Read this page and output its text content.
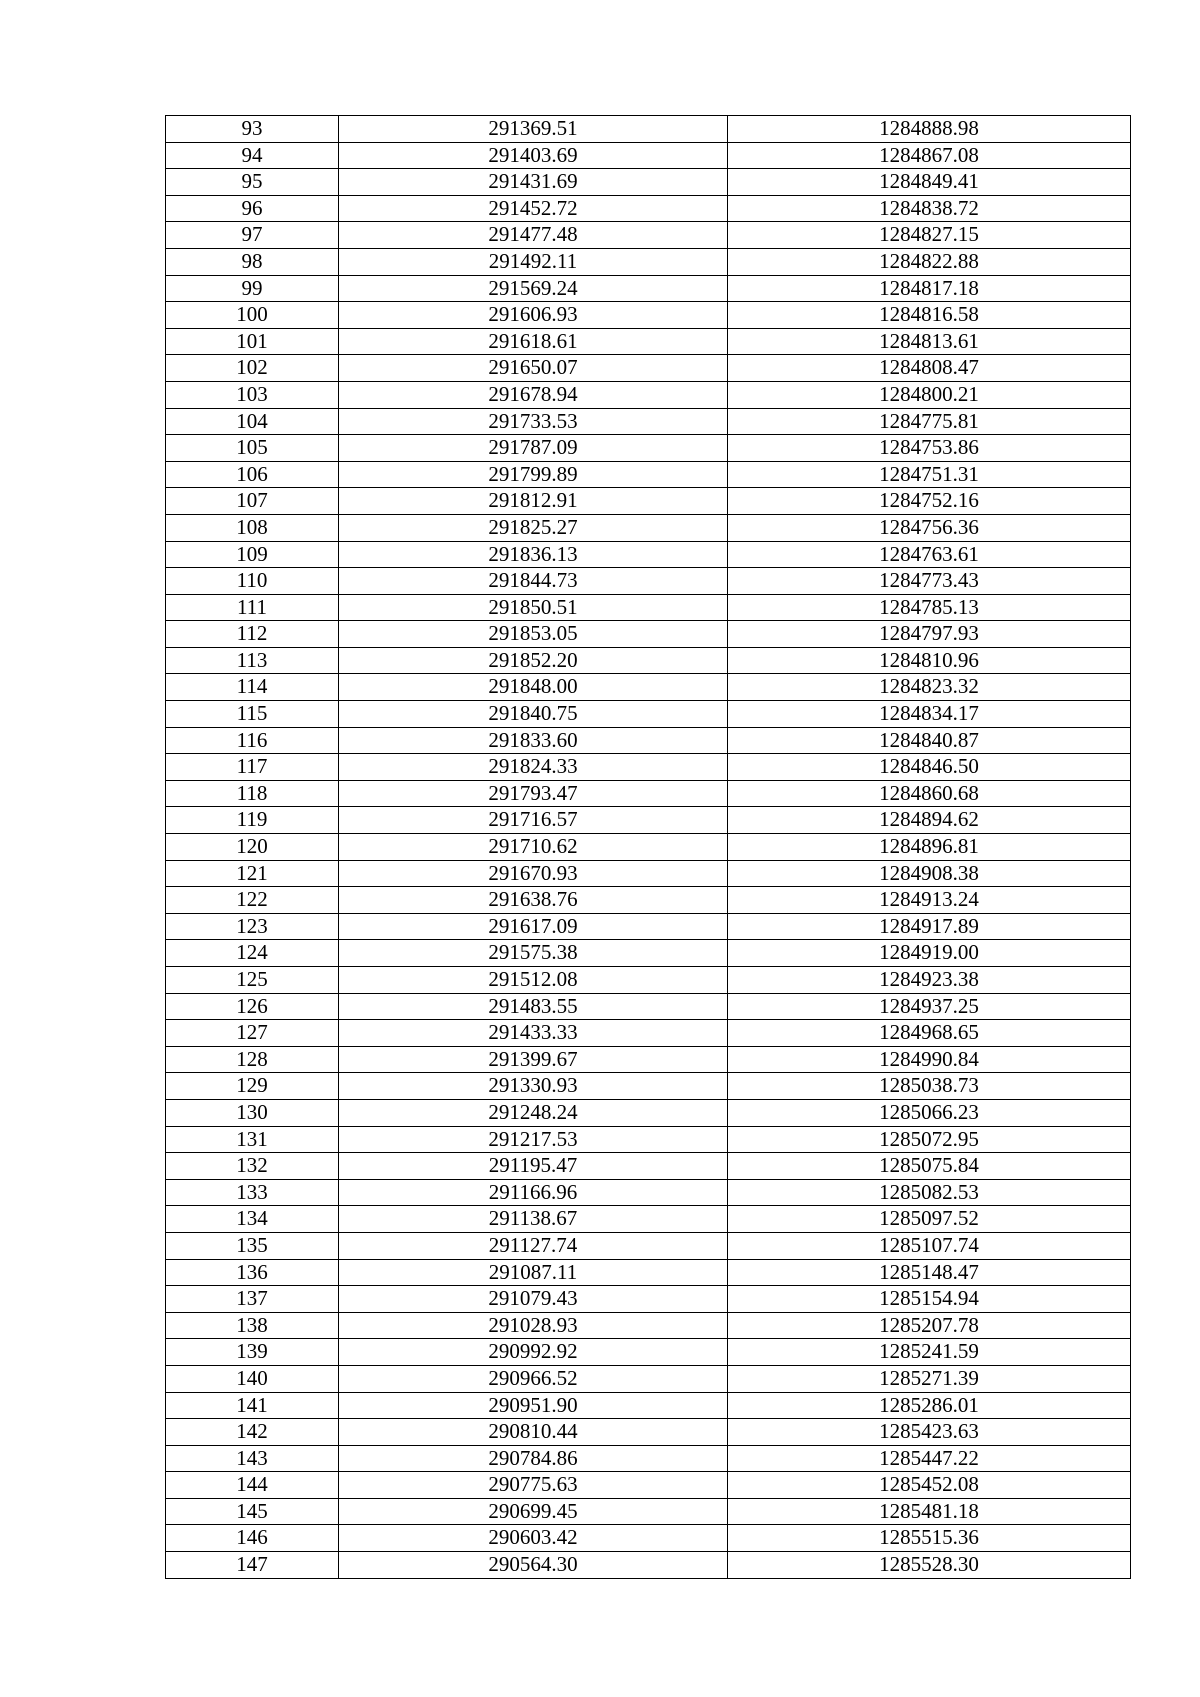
93	291369.51	1284888.98
94	291403.69	1284867.08
95	291431.69	1284849.41
96	291452.72	1284838.72
97	291477.48	1284827.15
98	291492.11	1284822.88
99	291569.24	1284817.18
100	291606.93	1284816.58
101	291618.61	1284813.61
102	291650.07	1284808.47
103	291678.94	1284800.21
104	291733.53	1284775.81
105	291787.09	1284753.86
106	291799.89	1284751.31
107	291812.91	1284752.16
108	291825.27	1284756.36
109	291836.13	1284763.61
110	291844.73	1284773.43
111	291850.51	1284785.13
112	291853.05	1284797.93
113	291852.20	1284810.96
114	291848.00	1284823.32
115	291840.75	1284834.17
116	291833.60	1284840.87
117	291824.33	1284846.50
118	291793.47	1284860.68
119	291716.57	1284894.62
120	291710.62	1284896.81
121	291670.93	1284908.38
122	291638.76	1284913.24
123	291617.09	1284917.89
124	291575.38	1284919.00
125	291512.08	1284923.38
126	291483.55	1284937.25
127	291433.33	1284968.65
128	291399.67	1284990.84
129	291330.93	1285038.73
130	291248.24	1285066.23
131	291217.53	1285072.95
132	291195.47	1285075.84
133	291166.96	1285082.53
134	291138.67	1285097.52
135	291127.74	1285107.74
136	291087.11	1285148.47
137	291079.43	1285154.94
138	291028.93	1285207.78
139	290992.92	1285241.59
140	290966.52	1285271.39
141	290951.90	1285286.01
142	290810.44	1285423.63
143	290784.86	1285447.22
144	290775.63	1285452.08
145	290699.45	1285481.18
146	290603.42	1285515.36
147	290564.30	1285528.30
